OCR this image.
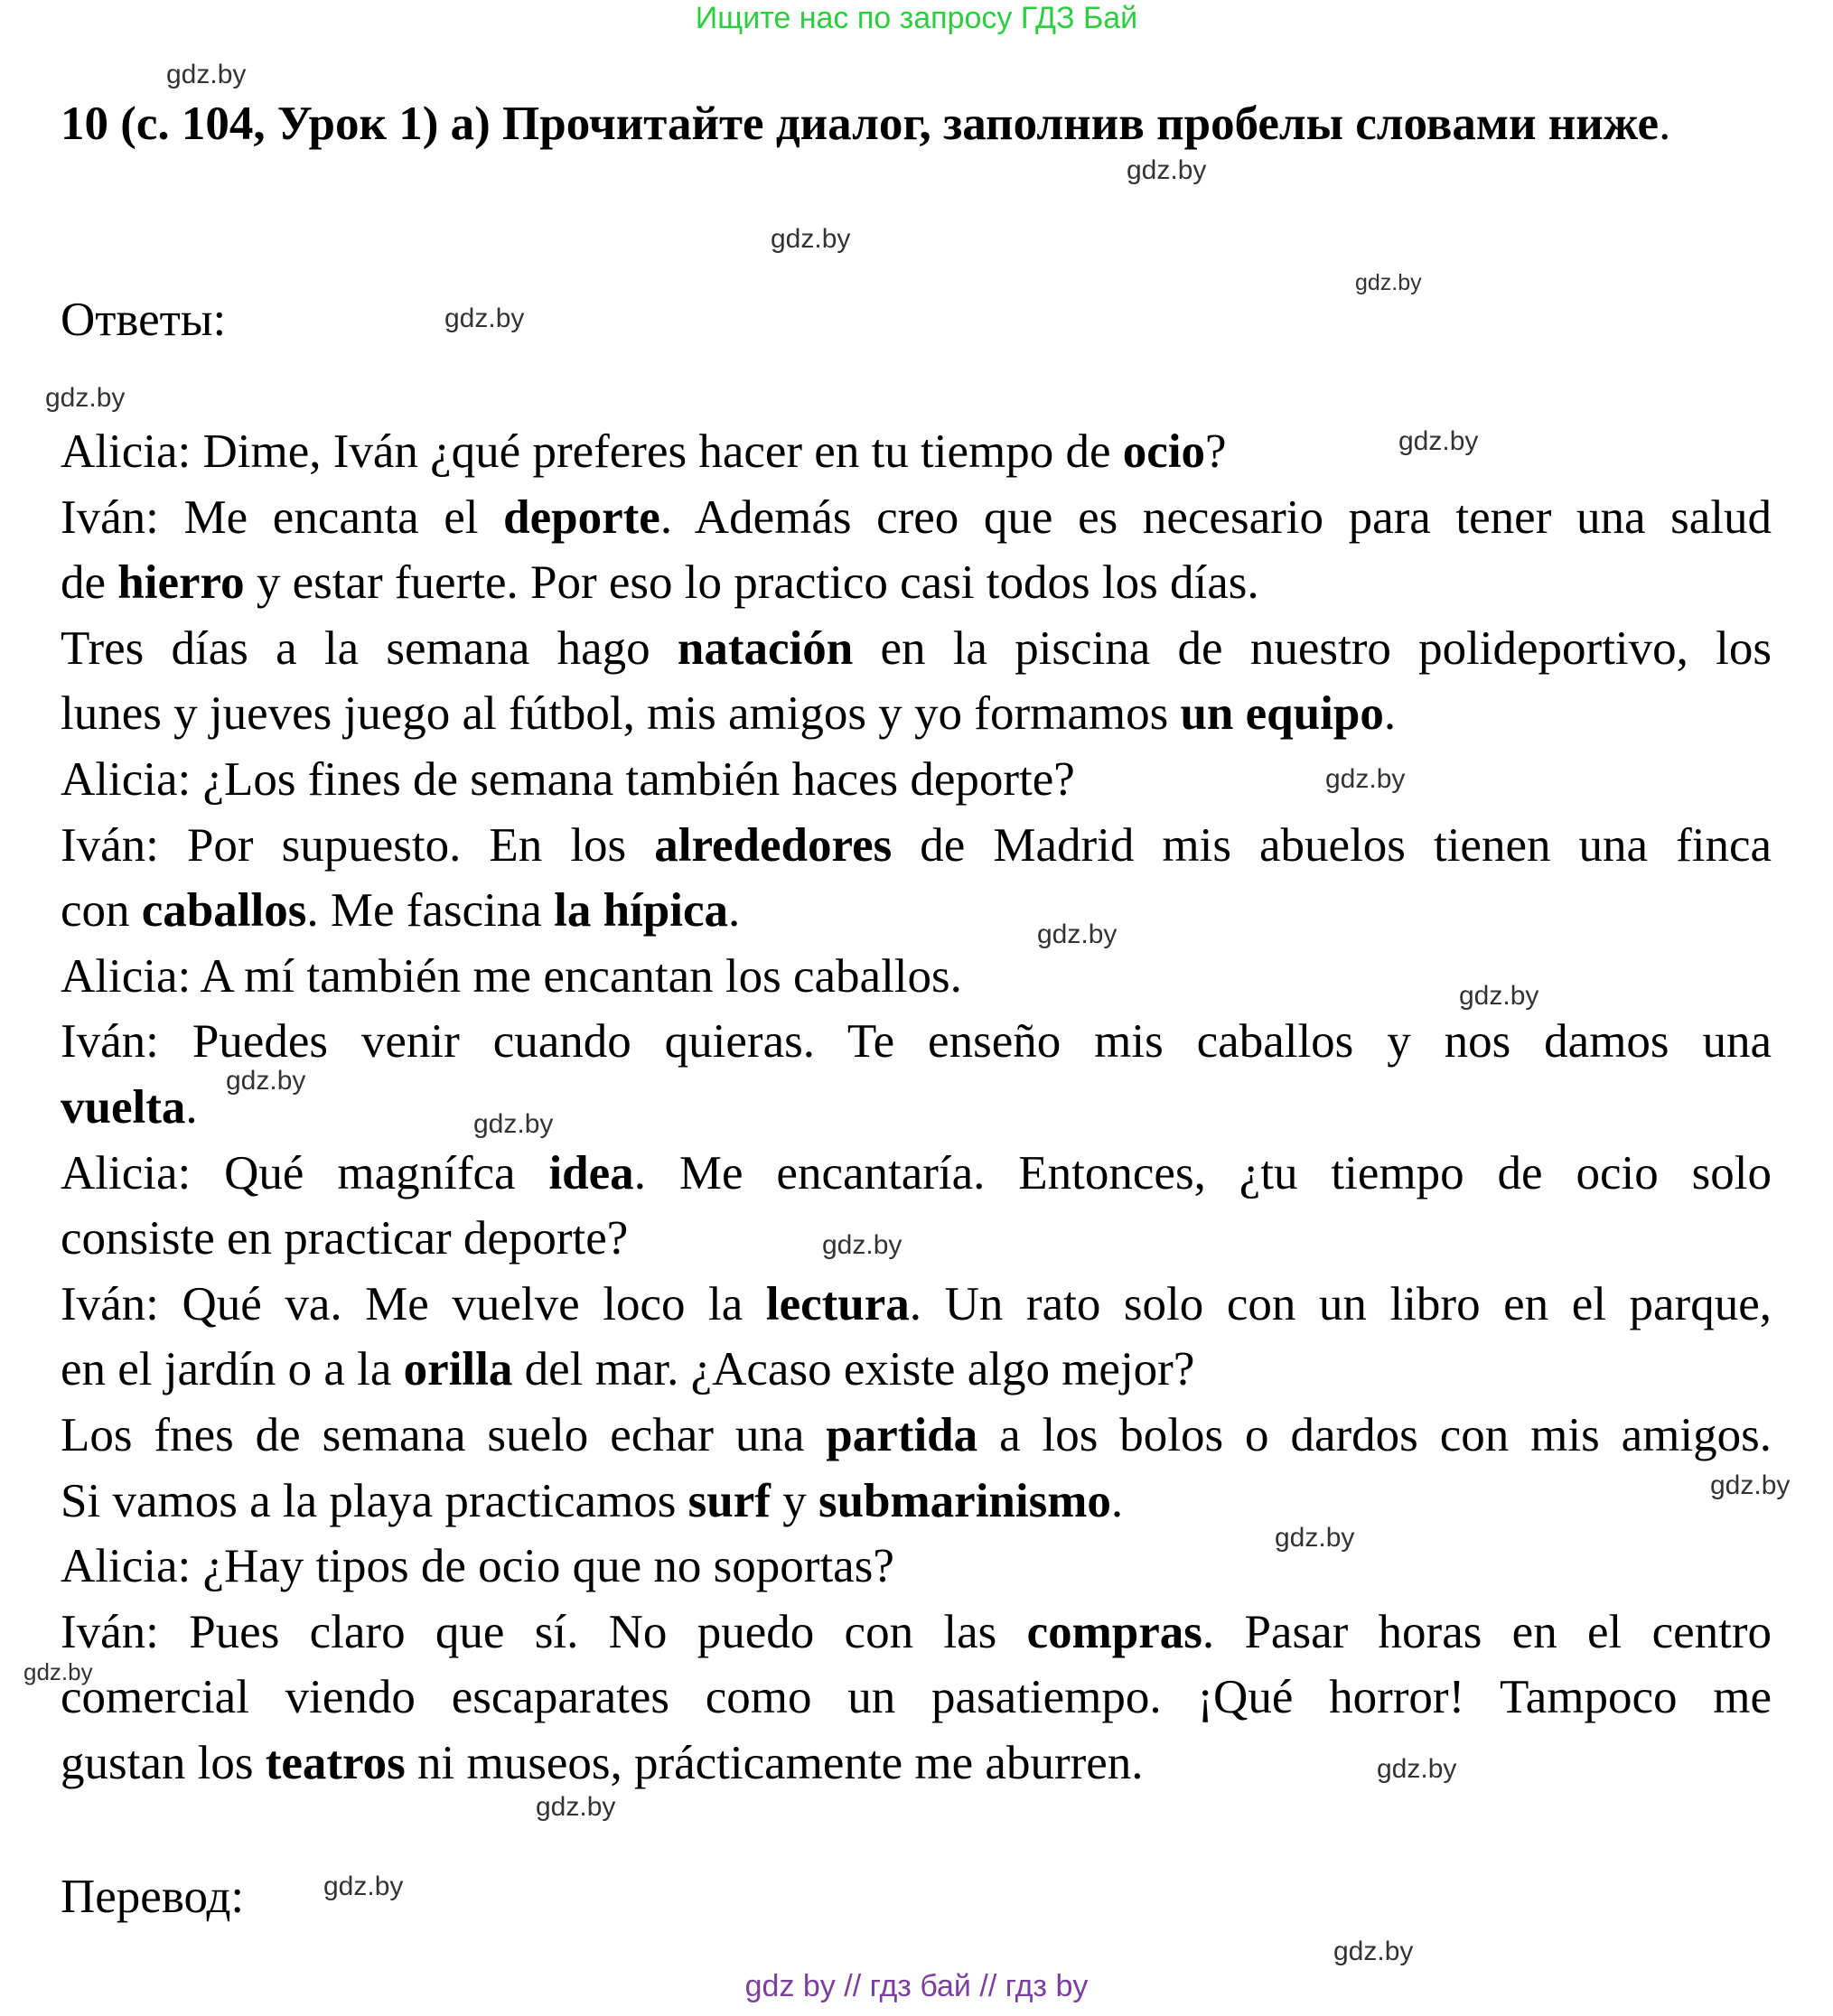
Ищите нас по запросу ГДЗ Бай
10 (с. 104, Урок 1) а) Прочитайте диалог, заполнив пробелы словами ниже.
Ответы:
Alicia: Dime, Iván ¿qué preferes hacer en tu tiempo de ocio?
Iván: Me encanta el deporte. Además creo que es necesario para tener una salud
de hierro y estar fuerte. Por eso lo practico casi todos los días.
Tres días a la semana hago natación en la piscina de nuestro polideportivo, los
lunes y jueves juego al fútbol, mis amigos y yo formamos un equipo.
Alicia: ¿Los fines de semana también haces deporte?
Iván: Por supuesto. En los alrededores de Madrid mis abuelos tienen una finca
con caballos. Me fascina la hípica.
Alicia: A mí también me encantan los caballos.
Iván: Puedes venir cuando quieras. Te enseño mis caballos y nos damos una
vuelta.
Alicia: Qué magnífca idea. Me encantaría. Entonces, ¿tu tiempo de ocio solo
consiste en practicar deporte?
Iván: Qué va. Me vuelve loco la lectura. Un rato solo con un libro en el parque,
en el jardín o a la orilla del mar. ¿Acaso existe algo mejor?
Los fnes de semana suelo echar una partida a los bolos o dardos con mis amigos.
Si vamos a la playa practicamos surf y submarinismo.
Alicia: ¿Hay tipos de ocio que no soportas?
Iván: Pues claro que sí. No puedo con las compras. Pasar horas en el centro
comercial viendo escaparates como un pasatiempo. ¡Qué horror! Tampoco me
gustan los teatros ni museos, prácticamente me aburren.
Перевод:
gdz.by
gdz.by
gdz.by
gdz.by
gdz.by
gdz.by
gdz.by
gdz.by
gdz.by
gdz.by
gdz.by
gdz.by
gdz.by
gdz.by
gdz.by
gdz.by
gdz.by
gdz.by
gdz.by
gdz.by
gdz by // гдз бай // гдз by
